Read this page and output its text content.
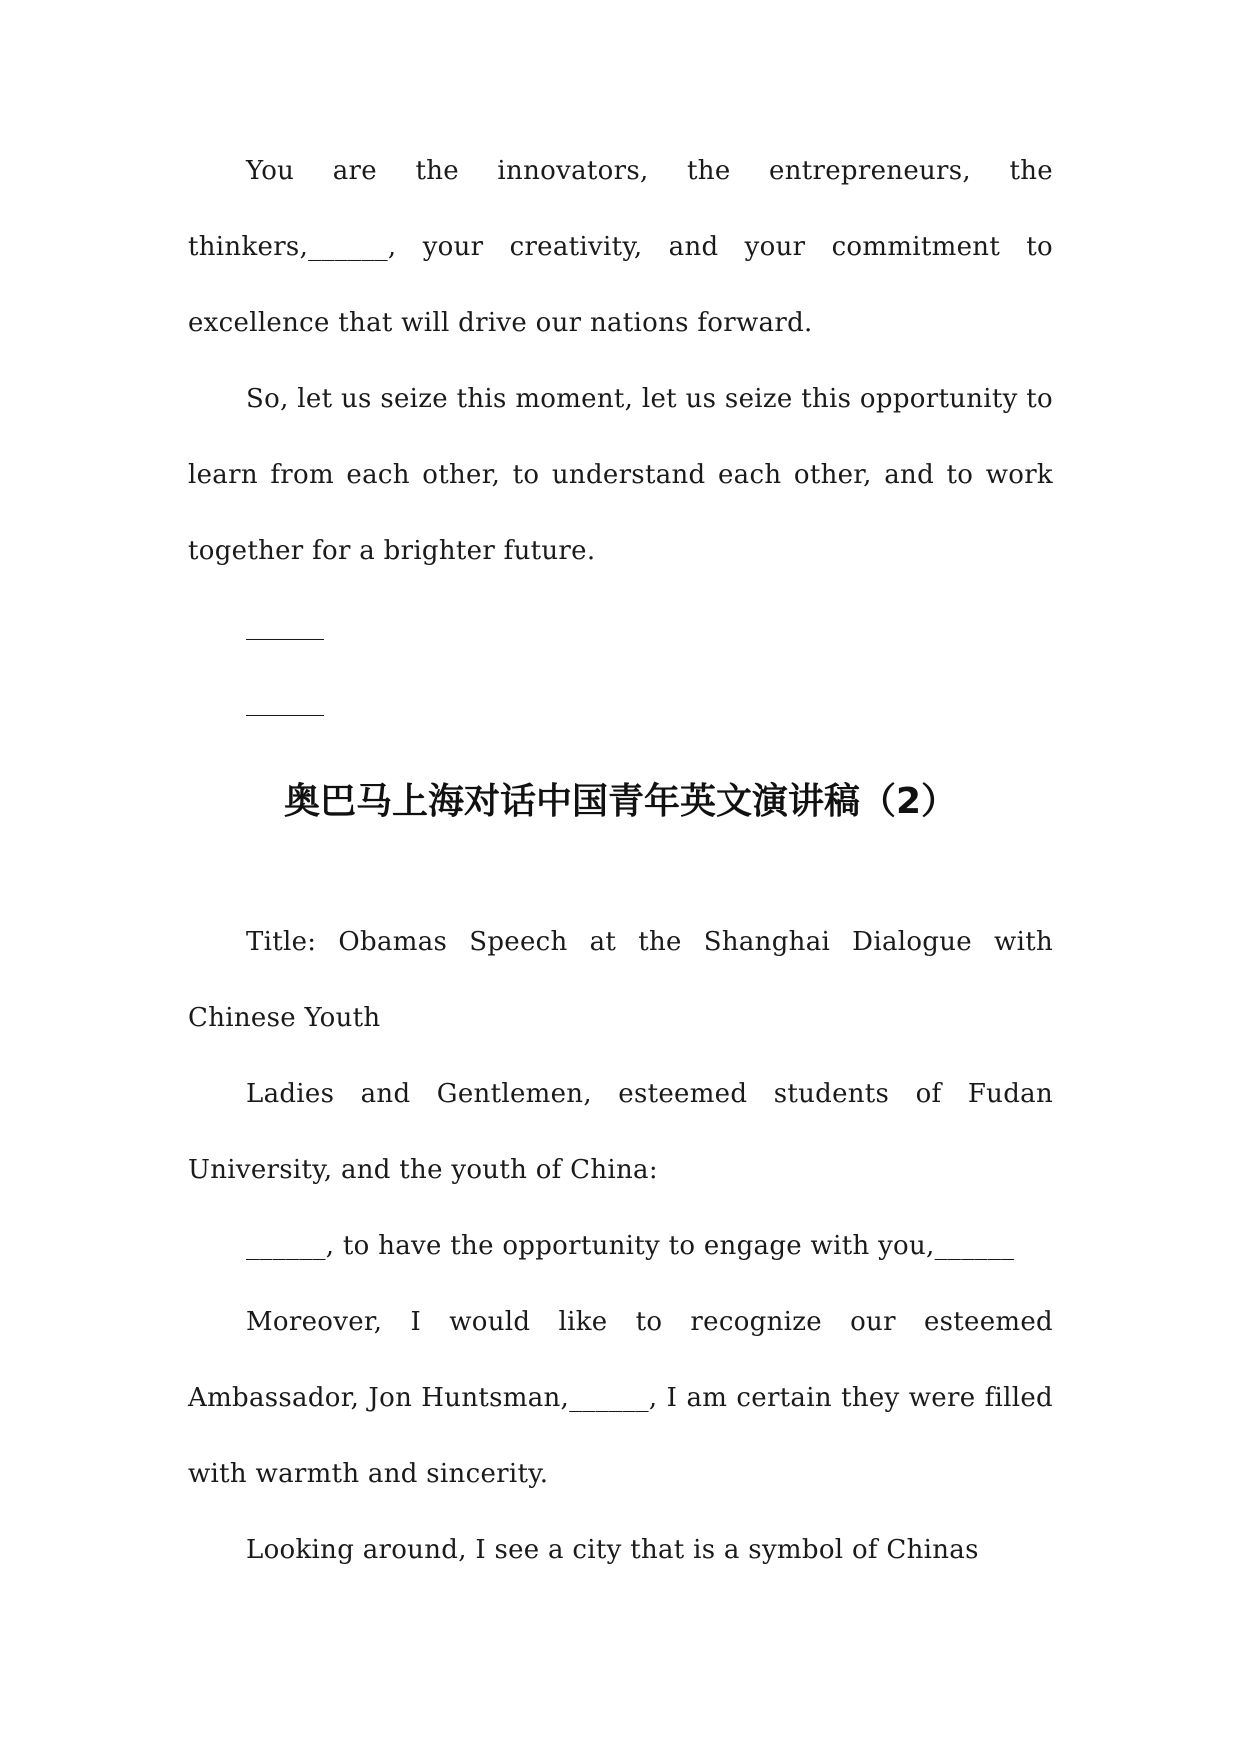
You are the innovators, the entrepreneurs, the thinkers,______, your creativity, and your commitment to excellence that will drive our nations forward.

So, let us seize this moment, let us seize this opportunity to learn from each other, to understand each other, and to work together for a brighter future.

______

______

奥巴马上海对话中国青年英文演讲稿（2）

Title: Obamas Speech at the Shanghai Dialogue with Chinese Youth

Ladies and Gentlemen, esteemed students of Fudan University, and the youth of China:

______, to have the opportunity to engage with you,______

Moreover, I would like to recognize our esteemed Ambassador, Jon Huntsman,______, I am certain they were filled with warmth and sincerity.

Looking around, I see a city that is a symbol of Chinas
